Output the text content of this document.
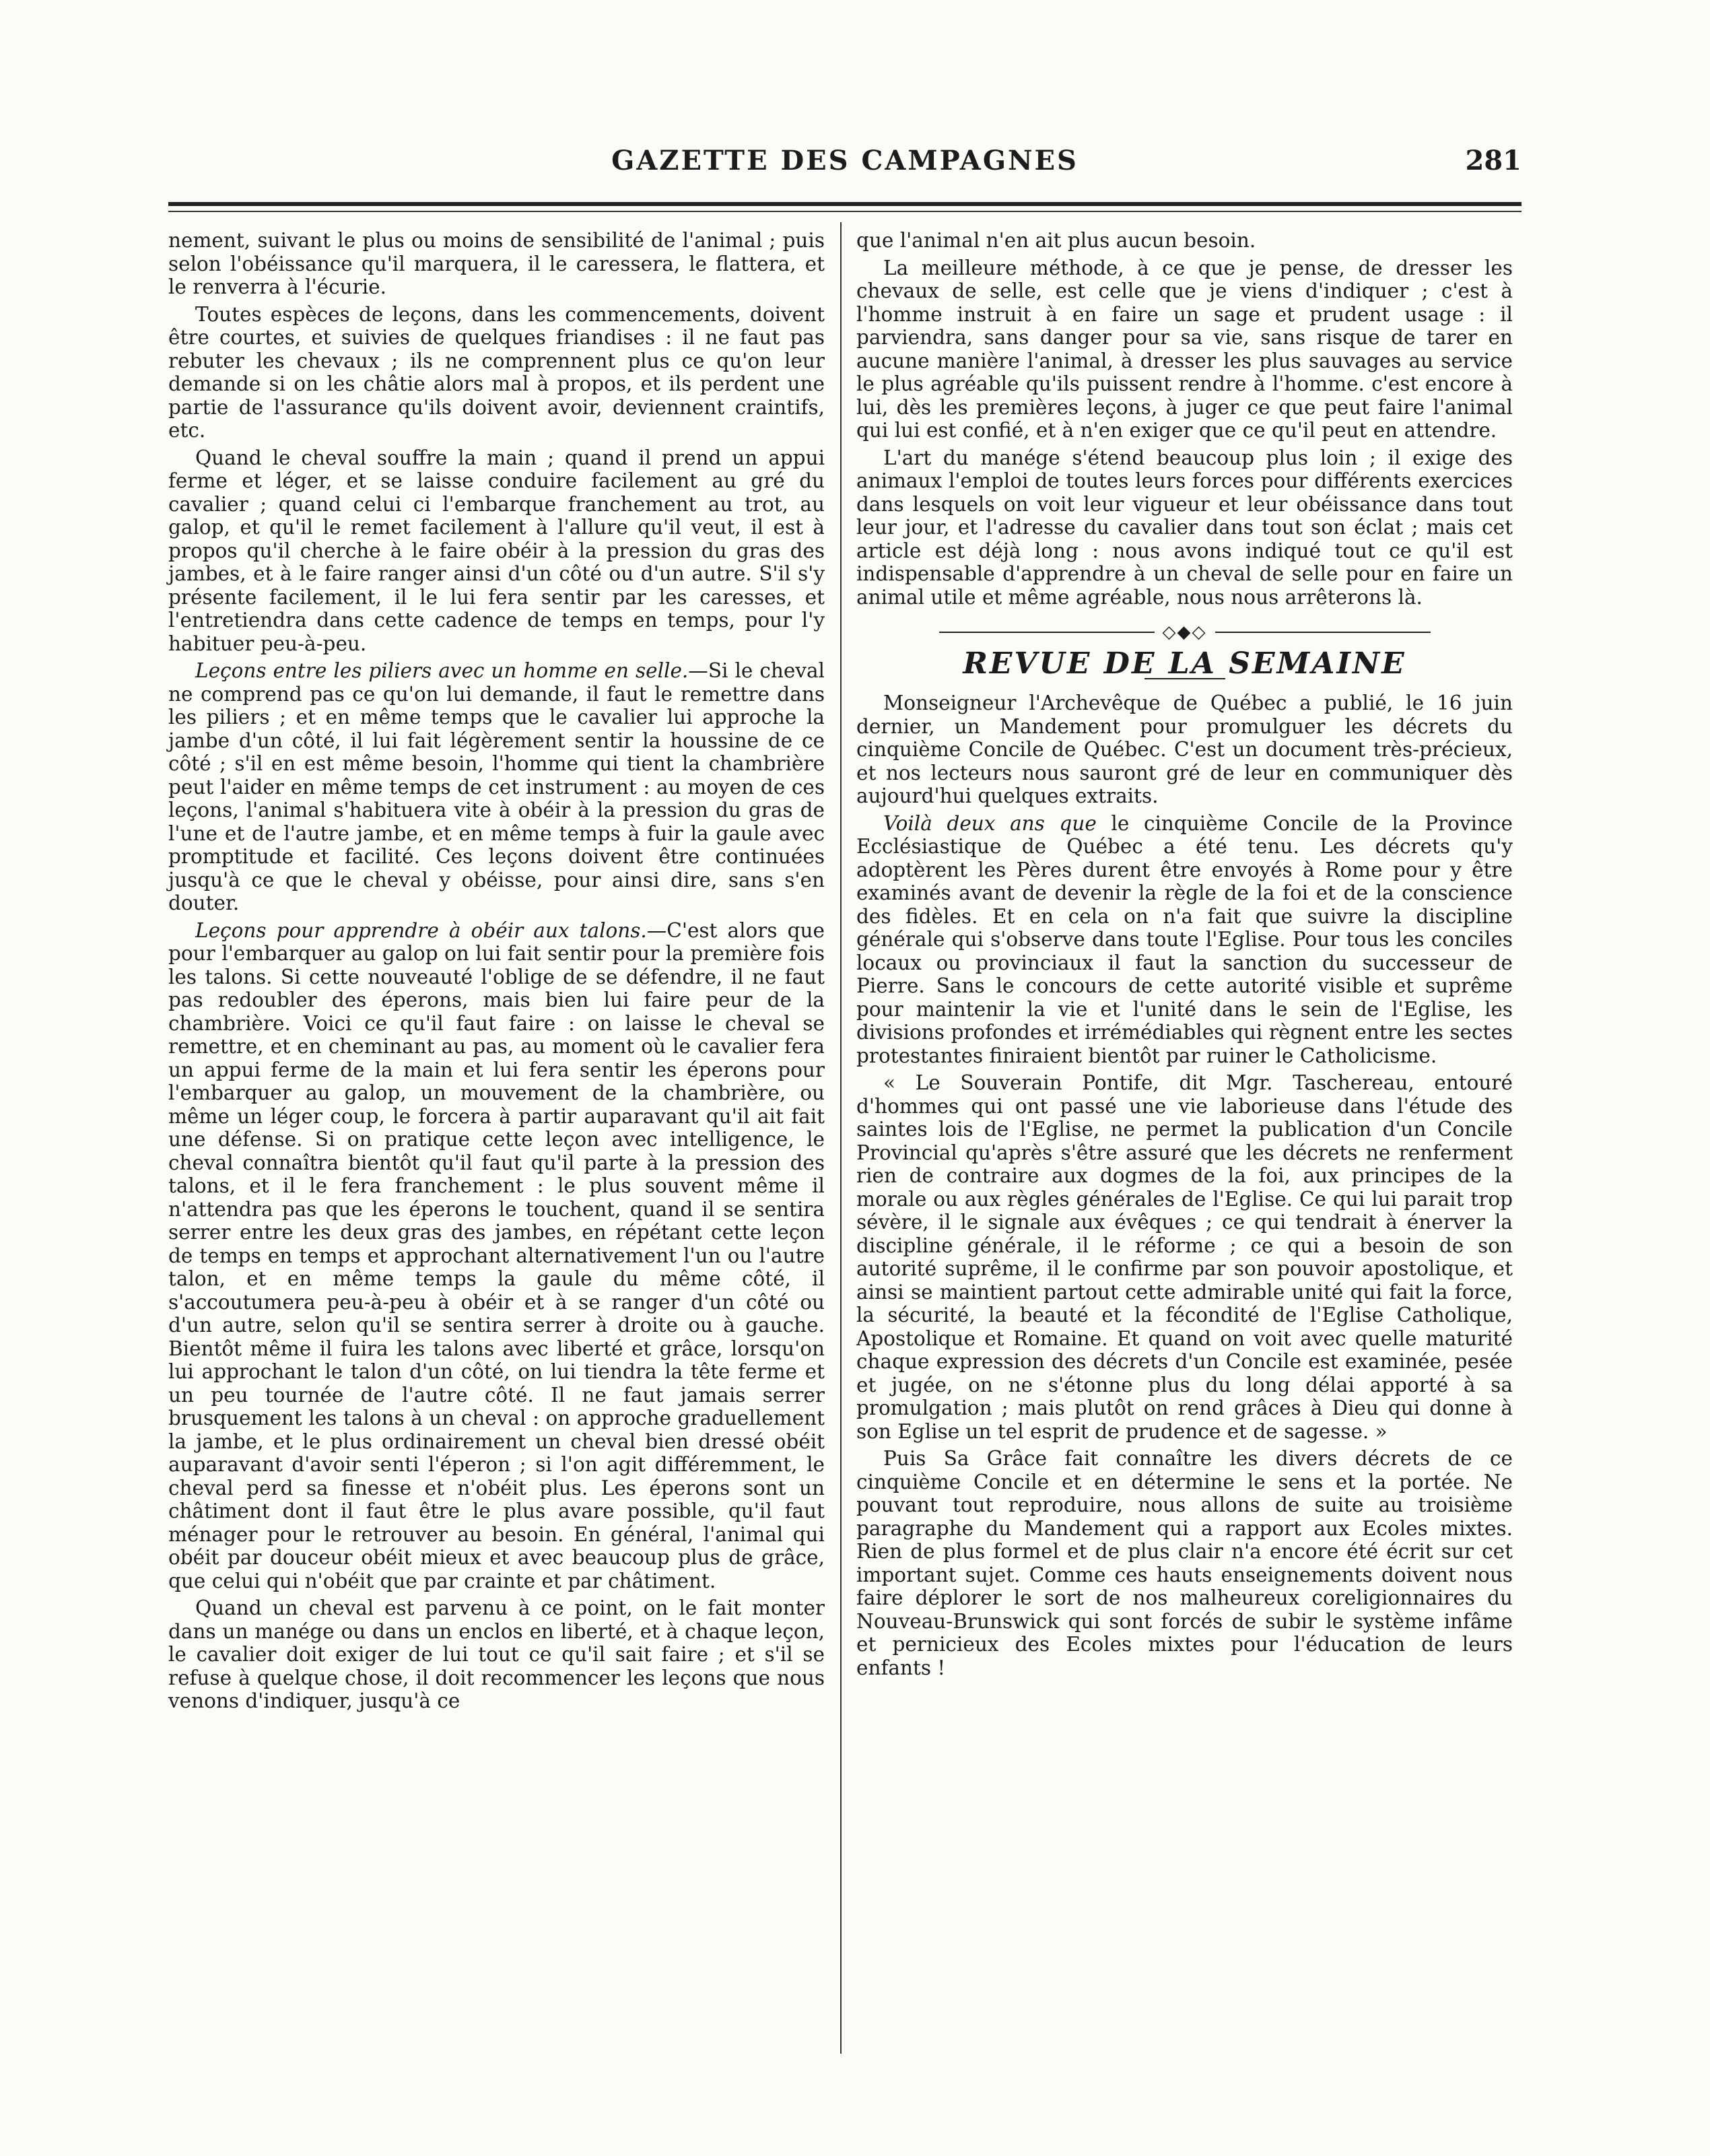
GAZETTE DES CAMPAGNES	281

nement, suivant le plus ou moins de sensibilité de l'animal ; puis selon l'obéissance qu'il marquera, il le caressera, le flattera, et le renverra à l'écurie.

Toutes espèces de leçons, dans les commencements, doivent être courtes, et suivies de quelques friandises : il ne faut pas rebuter les chevaux ; ils ne comprennent plus ce qu'on leur demande si on les châtie alors mal à propos, et ils perdent une partie de l'assurance qu'ils doivent avoir, deviennent craintifs, etc.

Quand le cheval souffre la main ; quand il prend un appui ferme et léger, et se laisse conduire facilement au gré du cavalier ; quand celui ci l'embarque franchement au trot, au galop, et qu'il le remet facilement à l'allure qu'il veut, il est à propos qu'il cherche à le faire obéir à la pression du gras des jambes, et à le faire ranger ainsi d'un côté ou d'un autre. S'il s'y présente facilement, il le lui fera sentir par les caresses, et l'entretiendra dans cette cadence de temps en temps, pour l'y habituer peu-à-peu.

Leçons entre les piliers avec un homme en selle.—Si le cheval ne comprend pas ce qu'on lui demande, il faut le remettre dans les piliers ; et en même temps que le cavalier lui approche la jambe d'un côté, il lui fait légèrement sentir la houssine de ce côté ; s'il en est même besoin, l'homme qui tient la chambrière peut l'aider en même temps de cet instrument : au moyen de ces leçons, l'animal s'habituera vite à obéir à la pression du gras de l'une et de l'autre jambe, et en même temps à fuir la gaule avec promptitude et facilité. Ces leçons doivent être continuées jusqu'à ce que le cheval y obéisse, pour ainsi dire, sans s'en douter.

Leçons pour apprendre à obéir aux talons.—C'est alors que pour l'embarquer au galop on lui fait sentir pour la première fois les talons. Si cette nouveauté l'oblige de se défendre, il ne faut pas redoubler des éperons, mais bien lui faire peur de la chambrière. Voici ce qu'il faut faire : on laisse le cheval se remettre, et en cheminant au pas, au moment où le cavalier fera un appui ferme de la main et lui fera sentir les éperons pour l'embarquer au galop, un mouvement de la chambrière, ou même un léger coup, le forcera à partir auparavant qu'il ait fait une défense. Si on pratique cette leçon avec intelligence, le cheval connaîtra bientôt qu'il faut qu'il parte à la pression des talons, et il le fera franchement : le plus souvent même il n'attendra pas que les éperons le touchent, quand il se sentira serrer entre les deux gras des jambes, en répétant cette leçon de temps en temps et approchant alternativement l'un ou l'autre talon, et en même temps la gaule du même côté, il s'accoutumera peu-à-peu à obéir et à se ranger d'un côté ou d'un autre, selon qu'il se sentira serrer à droite ou à gauche. Bientôt même il fuira les talons avec liberté et grâce, lorsqu'on lui approchant le talon d'un côté, on lui tiendra la tête ferme et un peu tournée de l'autre côté. Il ne faut jamais serrer brusquement les talons à un cheval : on approche graduellement la jambe, et le plus ordinairement un cheval bien dressé obéit auparavant d'avoir senti l'éperon ; si l'on agit différemment, le cheval perd sa finesse et n'obéit plus. Les éperons sont un châtiment dont il faut être le plus avare possible, qu'il faut ménager pour le retrouver au besoin. En général, l'animal qui obéit par douceur obéit mieux et avec beaucoup plus de grâce, que celui qui n'obéit que par crainte et par châtiment.

Quand un cheval est parvenu à ce point, on le fait monter dans un manége ou dans un enclos en liberté, et à chaque leçon, le cavalier doit exiger de lui tout ce qu'il sait faire ; et s'il se refuse à quelque chose, il doit recommencer les leçons que nous venons d'indiquer, jusqu'à ce

que l'animal n'en ait plus aucun besoin.

La meilleure méthode, à ce que je pense, de dresser les chevaux de selle, est celle que je viens d'indiquer ; c'est à l'homme instruit à en faire un sage et prudent usage : il parviendra, sans danger pour sa vie, sans risque de tarer en aucune manière l'animal, à dresser les plus sauvages au service le plus agréable qu'ils puissent rendre à l'homme. c'est encore à lui, dès les premières leçons, à juger ce que peut faire l'animal qui lui est confié, et à n'en exiger que ce qu'il peut en attendre.

L'art du manége s'étend beaucoup plus loin ; il exige des animaux l'emploi de toutes leurs forces pour différents exercices dans lesquels on voit leur vigueur et leur obéissance dans tout leur jour, et l'adresse du cavalier dans tout son éclat ; mais cet article est déjà long : nous avons indiqué tout ce qu'il est indispensable d'apprendre à un cheval de selle pour en faire un animal utile et même agréable, nous nous arrêterons là.

◇◆◇
REVUE DE LA SEMAINE

Monseigneur l'Archevêque de Québec a publié, le 16 juin dernier, un Mandement pour promulguer les décrets du cinquième Concile de Québec. C'est un document très-précieux, et nos lecteurs nous sauront gré de leur en communiquer dès aujourd'hui quelques extraits.

Voilà deux ans que le cinquième Concile de la Province Ecclésiastique de Québec a été tenu. Les décrets qu'y adoptèrent les Pères durent être envoyés à Rome pour y être examinés avant de devenir la règle de la foi et de la conscience des fidèles. Et en cela on n'a fait que suivre la discipline générale qui s'observe dans toute l'Eglise. Pour tous les conciles locaux ou provinciaux il faut la sanction du successeur de Pierre. Sans le concours de cette autorité visible et suprême pour maintenir la vie et l'unité dans le sein de l'Eglise, les divisions profondes et irrémédiables qui règnent entre les sectes protestantes finiraient bientôt par ruiner le Catholicisme.

« Le Souverain Pontife, dit Mgr. Taschereau, entouré d'hommes qui ont passé une vie laborieuse dans l'étude des saintes lois de l'Eglise, ne permet la publication d'un Concile Provincial qu'après s'être assuré que les décrets ne renferment rien de contraire aux dogmes de la foi, aux principes de la morale ou aux règles générales de l'Eglise. Ce qui lui parait trop sévère, il le signale aux évêques ; ce qui tendrait à énerver la discipline générale, il le réforme ; ce qui a besoin de son autorité suprême, il le confirme par son pouvoir apostolique, et ainsi se maintient partout cette admirable unité qui fait la force, la sécurité, la beauté et la fécondité de l'Eglise Catholique, Apostolique et Romaine. Et quand on voit avec quelle maturité chaque expression des décrets d'un Concile est examinée, pesée et jugée, on ne s'étonne plus du long délai apporté à sa promulgation ; mais plutôt on rend grâces à Dieu qui donne à son Eglise un tel esprit de prudence et de sagesse. »

Puis Sa Grâce fait connaître les divers décrets de ce cinquième Concile et en détermine le sens et la portée. Ne pouvant tout reproduire, nous allons de suite au troisième paragraphe du Mandement qui a rapport aux Ecoles mixtes. Rien de plus formel et de plus clair n'a encore été écrit sur cet important sujet. Comme ces hauts enseignements doivent nous faire déplorer le sort de nos malheureux coreligionnaires du Nouveau-Brunswick qui sont forcés de subir le système infâme et pernicieux des Ecoles mixtes pour l'éducation de leurs enfants !
